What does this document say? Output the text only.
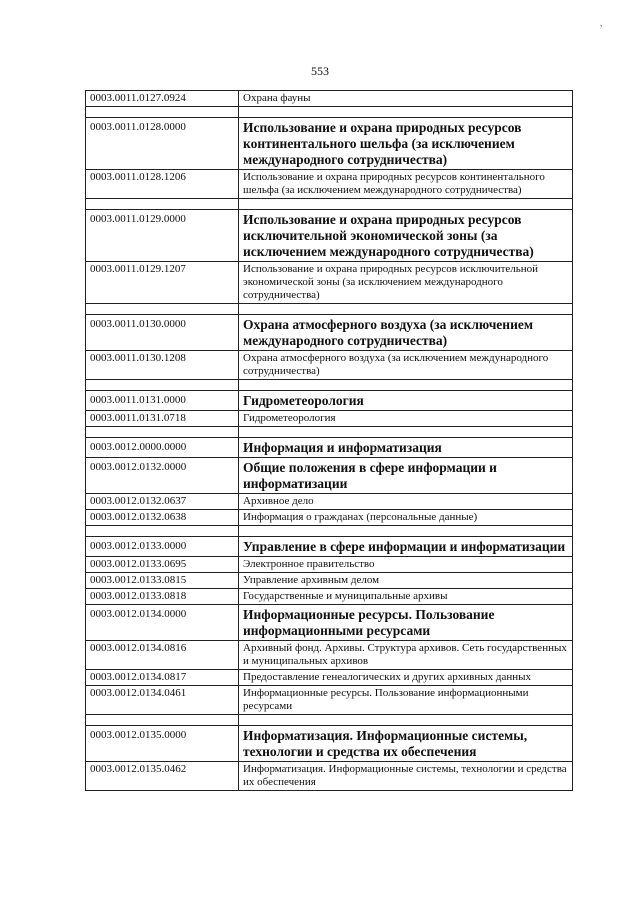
553
,
0003.0011.0127.0924	Охрана фауны

0003.0011.0128.0000	Использование и охрана природных ресурсов континентального шельфа (за исключением международного сотрудничества)
0003.0011.0128.1206	Использование и охрана природных ресурсов континентального шельфа (за исключением международного сотрудничества)

0003.0011.0129.0000	Использование и охрана природных ресурсов исключительной экономической зоны (за исключением международного сотрудничества)
0003.0011.0129.1207	Использование и охрана природных ресурсов исключительной экономической зоны (за исключением международного сотрудничества)

0003.0011.0130.0000	Охрана атмосферного воздуха (за исключением международного сотрудничества)
0003.0011.0130.1208	Охрана атмосферного воздуха (за исключением международного сотрудничества)

0003.0011.0131.0000	Гидрометеорология
0003.0011.0131.0718	Гидрометеорология

0003.0012.0000.0000	Информация и информатизация
0003.0012.0132.0000	Общие положения в сфере информации и информатизации
0003.0012.0132.0637	Архивное дело
0003.0012.0132.0638	Информация о гражданах (персональные данные)

0003.0012.0133.0000	Управление в сфере информации и информатизации
0003.0012.0133.0695	Электронное правительство
0003.0012.0133.0815	Управление архивным делом
0003.0012.0133.0818	Государственные и муниципальные архивы
0003.0012.0134.0000	Информационные ресурсы. Пользование информационными ресурсами
0003.0012.0134.0816	Архивный фонд. Архивы. Структура архивов. Сеть государственных и муниципальных архивов
0003.0012.0134.0817	Предоставление генеалогических и других архивных данных
0003.0012.0134.0461	Информационные ресурсы. Пользование информационными ресурсами

0003.0012.0135.0000	Информатизация. Информационные системы, технологии и средства их обеспечения
0003.0012.0135.0462	Информатизация. Информационные системы, технологии и средства их обеспечения
